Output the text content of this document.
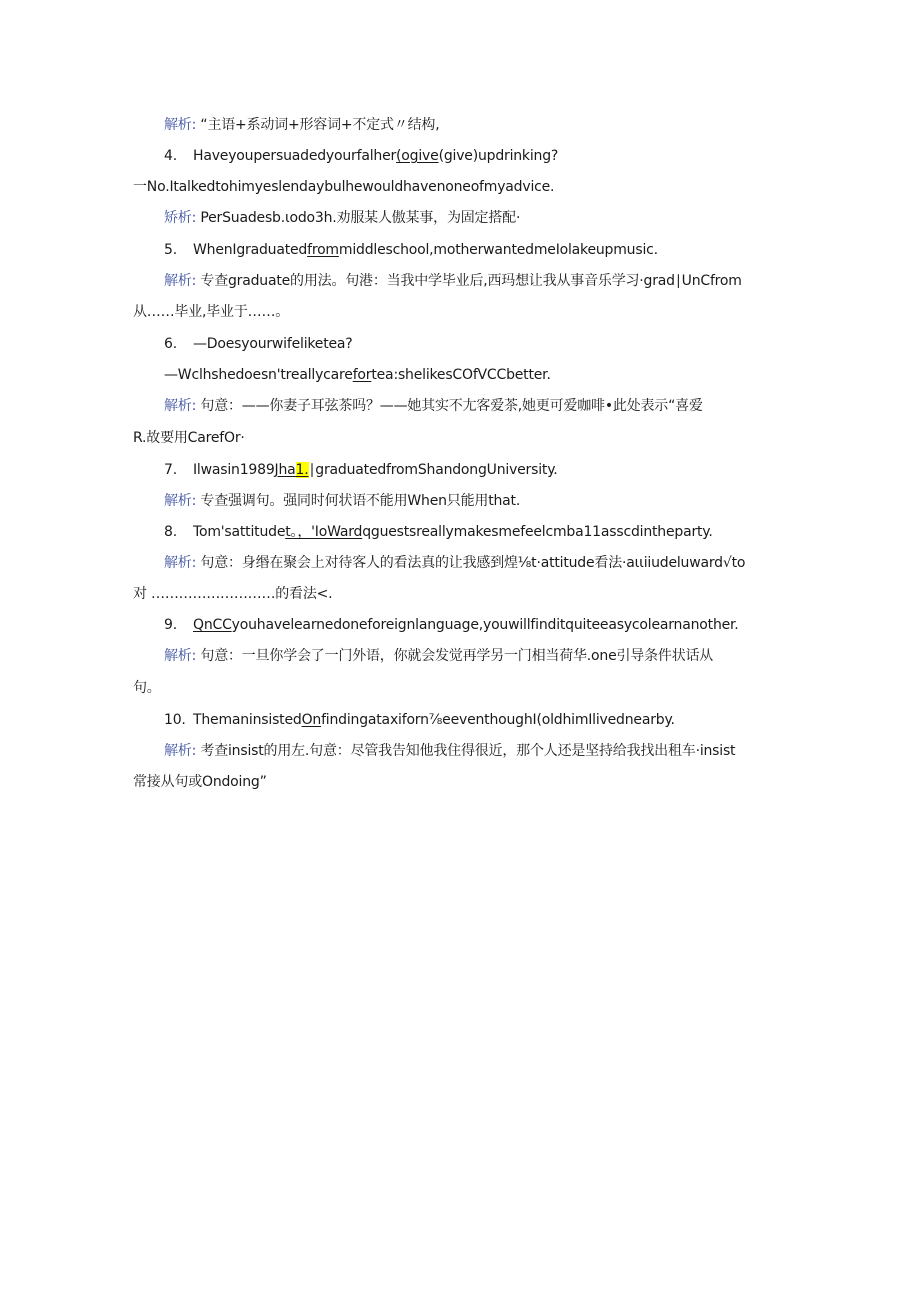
解析: “主语+系动词+形容词+不定式〃结构,
4. Haveyoupersuadedyourfalher(ogive(give)updrinking?
一No.Italkedtohimyeslendaybulhewouldhavenoneofmyadvice.
矫析: PerSuadesb.ιodo3h.劝服某人傲某事，为固定搭配·
5. WhenIgraduatedfrommiddleschool,motherwantedmeIolakeupmusic.
解析: 专查graduate的用法。句港：当我中学毕业后,西玛想让我从事音乐学习·grad∣UnCfrom
从……毕业,毕业于……。
6. —Doesyourwifeliketea?
—Wclhshedoesn'treallycarefortea:shelikesCOfVCCbetter.
解析: 句意：——你妻子耳弦茶吗？——她其实不尢客爱茶,她更可爱咖啡•此处表示“喜爱
R.故要用CarefOr·
7. Ilwasin1989Jha1.∣graduatedfromShandongUniversity.
解析: 专查强调句。强同时何状语不能用When只能用that.
8. Tom'sattitudet。，'IoWardqguestsreallymakesmefeelcmba11asscdintheparty.
解析: 句意：身缗在聚会上对待客人的看法真的让我感到煌⅛t·attitude看法·aιιiiudeluward√to
对 ………………………的看法<.
9. QnCCyouhavelearnedoneforeignlanguage,youwillfinditquiteeasycolearnanother.
解析: 句意：一旦你学会了一门外语，你就会发觉再学另一门相当荷华.one引导条件状话从
句。
10. ThemaninsistedOnfindingataxiforn⅞eeventhoughI(oldhimIlivednearby.
解析: 考查insist的用左.句意：尽管我告知他我住得很近，那个人还是坚持给我找出租车·insist
常接从句或Ondoing”
